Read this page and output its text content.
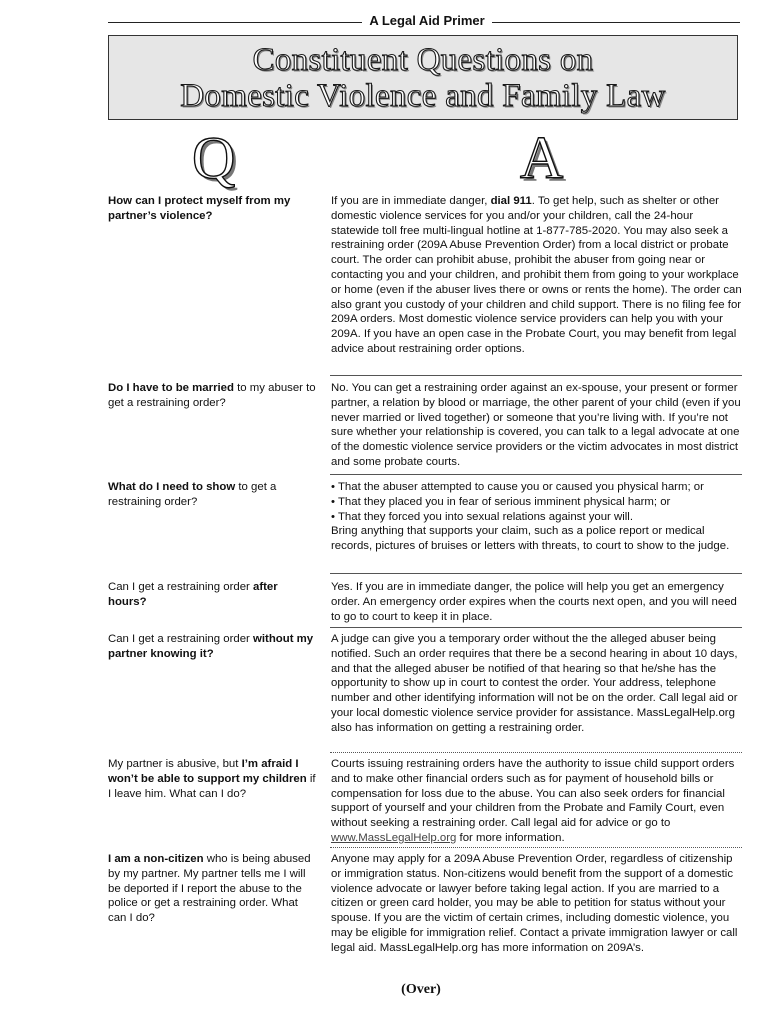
A Legal Aid Primer
Constituent Questions on
Domestic Violence and Family Law
Q	A
How can I protect myself from my partner’s violence?
If you are in immediate danger, dial 911. To get help, such as shelter or other domestic violence services for you and/or your children, call the 24-hour statewide toll free multi-lingual hotline at 1-877-785-2020. You may also seek a restraining order (209A Abuse Prevention Order) from a local district or probate court. The order can prohibit abuse, prohibit the abuser from going near or contacting you and your children, and prohibit them from going to your workplace or home (even if the abuser lives there or owns or rents the home). The order can also grant you custody of your children and child support. There is no filing fee for 209A orders. Most domestic violence service providers can help you with your 209A. If you have an open case in the Probate Court, you may benefit from legal advice about restraining order options.
Do I have to be married to my abuser to get a restraining order?
No. You can get a restraining order against an ex-spouse, your present or former partner, a relation by blood or marriage, the other parent of your child (even if you never married or lived together) or someone that you’re living with. If you’re not sure whether your relationship is covered, you can talk to a legal advocate at one of the domestic violence service providers or the victim advocates in most district and some probate courts.
What do I need to show to get a restraining order?
• That the abuser attempted to cause you or caused you physical harm; or
• That they placed you in fear of serious imminent physical harm; or
• That they forced you into sexual relations against your will.
Bring anything that supports your claim, such as a police report or medical records, pictures of bruises or letters with threats, to court to show to the judge.
Can I get a restraining order after hours?
Yes. If you are in immediate danger, the police will help you get an emergency order. An emergency order expires when the courts next open, and you will need to go to court to keep it in place.
Can I get a restraining order without my partner knowing it?
A judge can give you a temporary order without the the alleged abuser being notified. Such an order requires that there be a second hearing in about 10 days, and that the alleged abuser be notified of that hearing so that he/she has the opportunity to show up in court to contest the order. Your address, telephone number and other identifying information will not be on the order. Call legal aid or your local domestic violence service provider for assistance. MassLegalHelp.org also has information on getting a restraining order.
My partner is abusive, but I’m afraid I won’t be able to support my children if I leave him. What can I do?
Courts issuing restraining orders have the authority to issue child support orders and to make other financial orders such as for payment of household bills or compensation for loss due to the abuse. You can also seek orders for financial support of yourself and your children from the Probate and Family Court, even without seeking a restraining order. Call legal aid for advice or go to www.MassLegalHelp.org for more information.
I am a non-citizen who is being abused by my partner. My partner tells me I will be deported if I report the abuse to the police or get a restraining order. What can I do?
Anyone may apply for a 209A Abuse Prevention Order, regardless of citizenship or immigration status. Non-citizens would benefit from the support of a domestic violence advocate or lawyer before taking legal action. If you are married to a citizen or green card holder, you may be able to petition for status without your spouse. If you are the victim of certain crimes, including domestic violence, you may be eligible for immigration relief. Contact a private immigration lawyer or call legal aid. MassLegalHelp.org has more information on 209A’s.
(Over)
